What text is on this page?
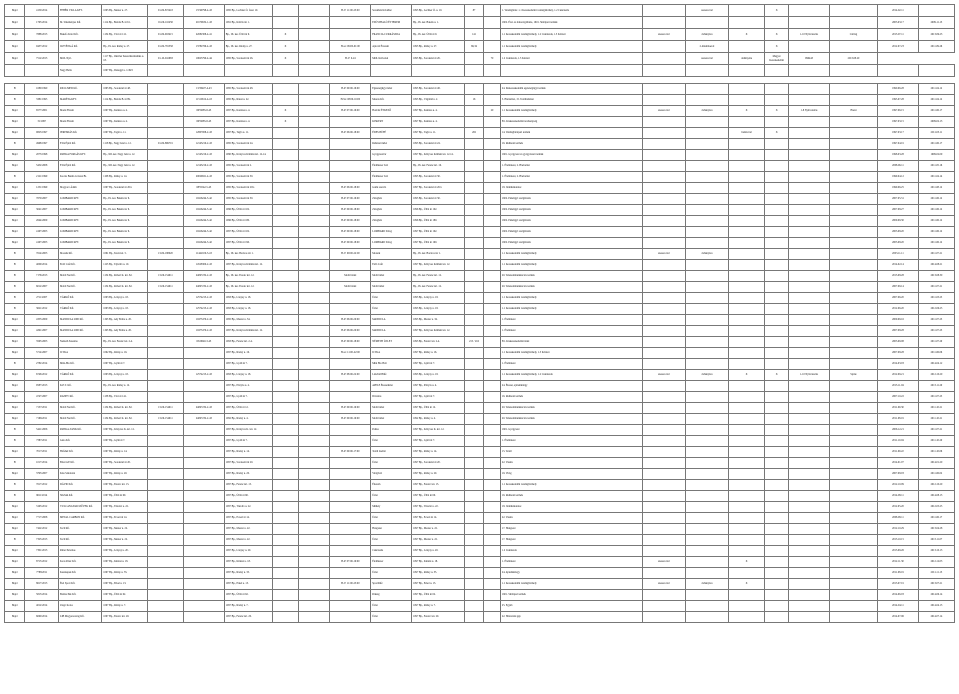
Bejel	4150/2014	FEHÉR VILLA KFT.	1095 Bp., Mester u. 27.	01-09-872418	13749798-4-43	1095 Bp., Lechner Ö. fasor 10.			H-V: 11:00-23:00	Sarokház Kávéház	1095 Bp., Lechner Ö. u. 10.	87		1. Vendéglátás: 1.1 Kereskedelmi vendéglátóhely, 1.2 Cukrászda		szeszes ital		X			2014.02.11	
Bejel	1765/2014	M. Süteményes Kft.	1114 Bp., Bartók B. út 61.	01-09-110458	20179632-1-43	1091 Bp., Kálvin tér 1.				EZÜSTHALÓ ÉTTEREM	Bp., IX. ker. Bakáts u. 1.			1602. Étel- és italszolgáltatás, 1601. Sütőipari termék							2003.03.17	2009.11.13
Bejel	7888/2013	Bekefo Kriol Kft.	1134 Bp., Váci út 112.	01-09-918415	22082308-4-41	Bp., IX. ker. Üllői út 9.	X			FRANCIA CUKRÁSZDA	Bp., IX. ker. Üllői út 9.	141		1.1 Kereskedelmi vendéglátóhely, 1.2 Cukrászda, 1.3 Kávézó	szeszes ital	dohányáru	X	X	1-10 Nyitvatartás	Csillag	2013.07.11	2013.09.23
Bejel	9437/2012	ILEVÉNGÁ Kft.	Bp., IX. ker. Ráday u. 27.	01-09-781358	13782769-4-43	Bp., IX. ker. Ráday u. 27.	X		H-sz: 09:00-01:00	Apicoli Étterem	1093 Bp., Ráday u. 27.	69,34		1.1 Kereskedelmi vendéglátóhely		2 Alkalmazott		X			2012.07.23	2011.09.26
Bejel	7512/2013	MOL Nyrt.	1117 Bp., Október huszonharmadika u. 18.	01-10-041683	10625790-4-44	1095 Bp., Soroksári út 26.	X		H-V: 0-24	MOL Kútvonal	1095 Bp., Soroksári út 26.		70	1.2 Cukrászda, 1.3 Kávézó		szeszes ital	dohányáru	Magyar Kereskedelmi	996443	2013.08.20		
		Nagy Bella	1097 Bp., Dunagyi u. 1/49/5																			

B	1080/1990	RICO-MED Kft.	1095 Bp., Soroksári út 48.		13/30407-4-43	1095 Bp., Soroksári út 48.			H-P: 09:00-16:00	Egészségügyi üzlet	1095 Bp., Soroksári út 48.			24. Kiskereskedelmi egészségügyi termék							1990.06.28	2011.04.12
B	3381/1995	MARÉTA KFT.	1114 Bp., Bartók B. út 89.		11510612-4-43	1095 Bp., Ránai u. 22.			H-Sz: 08:00-16:00	Mareta Kft.	1095 Bp., Vágóhíd u. 2.	16		5. Háztartási, 15. Textilruházat							1995.07.28	2011.04.12
Bejel	6577/2001	Mazsi Fixum	1097 Bp., Kanizsa u. 4.		6655685-8-43	1097 Bp., Kanizsa u. 4.	X		H-P: 07:00-16:00	HAZAI ÉTKEZŐ	1097 Bp., Kanizsa u. 4.		20	1.1 Kereskedelmi vendéglátóhely	szeszes ital	dohányáru	X	X	1-8 Nyitvatartás	Hazai	1997.06.15	2011.06.17
Bejel	31/1997	Mazsi Fixum	1097 Bp., Kanizsa u. 4.		6655685-8-43	1097 Bp., Kanizsa u. 4.	X			KISKERT	1097 Bp., Kanizsa u. 4.			B1. Kiskereskedelmi tevékenység							1997.03.15	2009.02.13
Bejel	9823/1997	JEREMIÁS Kft.	1097 Bp., Tagló u. 11.		12807008-2-43	1097 Bp., Tagló u. 11.			H-P: 06:00-18:00	ÉDES BÜFÉ	1097 Bp., Tagló u. 11.	202		14. Vendéglátóipari termék			hamis ital	X			1997.03.17	2011.03.11
B	4968/1997	EVA Építő Kft.	1118 Bp., Nagy Jenő u. 12.	01-09-869701	12143210-2-43	1095 Bp., Soroksári út 24.				Ruházati üzlet	1095 Bp., Soroksári út 24.			16. Ruházati termék							1997.04.01	2011.06.17
Bejel	2073/1998	PATIKA FORGÁS KFT.	Bp., XII. ker. Nagy Jenő u. 12.		12143210-2-43	1090 Bp., Könyves Kálmán krt. 12-14.				Gyógyszertár	1097 Bp., Könyves Kálmán krt. 12-14.			1601. Gyógyszer és gyógyászati termék							1998.03.28	1999.02.09
Bejel	5452/2008	EVA Építő Kft.	Bp., XII. ker. Nagy Jenő u. 12.		12143210-2-43	1095 Bp., Soroksári út 2.				Élelmiszer bolt	Bp., IX. ker. Ferenc krt. 16.			1. Élelmiszer, 2. Háztartási							2008.06.11	2011.05.16
B	2121/1999	Kocsis Bandi és társai Bt.	1108 Bp., Ráday u. 14.		20029921-4-43	1095 Bp., Soroksári út 30.				Élelmiszer bolt	1095 Bp., Soroksári út 30.			1. Élelmiszer, 2. Háztartási							1999.04.12	2011.04.14
Bejel	1251/1999	Mogyoró Ádám	1097 Bp., Soroksári út 20/a		6855542-5-43	1095 Bp., Soroksári út 20/a			H-P: 06:00-18:00	Gumi szerviz	1097 Bp., Soroksári út 20/a			18. Járműalkatrész							1999.06.25	2011.08.12
Bejel	7670/2007	LOMBARD KFT.	Bp., IX. ker. Bakáts tér 6.		10416244-3-42	1095 Bp., Soroksári út 30.			H-P: 07:00-16:00	Zálogház	1095 Bp., Soroksári út 30.			1602. Pénzügyi szolgáltatás							2007.05.31	2011.06.12
Bejel	3041/2007	LOMBARD KFT.	Bp., IX. ker. Bakáts tér 6.		10416244-3-42	1096 Bp., Üllői út 102.			H-P: 09:00-18:00	Zálogház	1096 Bp., Üllői út 102.			1602. Pénzügyi szolgáltatás							2007.08.27	2011.06.12
Bejel	2644/2009	LOMBARD KFT.	Bp., IX. ker. Bakáts tér 6.		10416244-3-42	1096 Bp., Üllői út 180.			H-P: 09:00-18:00	Zálogház	1096 Bp., Üllői út 180.			1602. Pénzügyi szolgáltatás							2009.09.30	2011.06.12
Bejel	4167/2003	LOMBARD KFT.	Bp., IX. ker. Bakáts tér 6.		10416244-3-42	1097 Bp., Üllői út 102.			H-P: 09:00-18:00	LOMBARD Zálog	1097 Bp., Üllői út 102.			1602. Pénzügyi szolgáltatás							2003.08.20	2011.06.12
Bejel	4167/2003	LOMBARD KFT.	Bp., IX. ker. Bakáts tér 6.		10416244-3-42	1097 Bp., Üllői út 190.			H-P: 09:00-18:00	LOMBARD Zálog	1097 Bp., Üllői út 190.			1602. Pénzügyi szolgáltatás							2003.08.20	2011.06.12
B	7614/2003	Mozaik Kft.	1061 Bp., Teréz krt. 5.	13-09-188020	11442100-3-43	Bp., IX. ker. Boráros tér 1.			H-V: 09:00-22:00	Mozaik	Bp., IX. ker. Boráros tér 1.			1.1 Kereskedelmi vendéglátóhely	szeszes ital	dohányáru					2003.11.11	2011.07.21
B	4009/2014	Erdő Café Kft.	1125 Bp., Tájvédő u. 10.		14528300-2-43	1097 Bp., Könyves Kálmán krt. 12.				Erdő Café	1097 Bp., Könyves Kálmán krt. 12.			1.1 Kereskedelmi vendéglátóhely							2014.02.14	2014.08.21
B	7176/2013	Mobil Net Kft.	1134 Bp., Róbert K. krt. 82.	13-09-154911	24097232-2-43	Bp., IX. ker. Ferenc krt. 12.			Mobil üzlet	Mobil üzlet	Bp., IX. ker. Ferenc krt. 12.			20. Telekommunikációs termék							2013.08.28	2013.08.30
B	6012/2007	Mobil Net Kft.	1134 Bp., Róbert K. krt. 82.	13-09-154911	24097232-2-43	Bp., IX. ker. Ferenc krt. 12.			Mobil üzlet	Mobil üzlet	Bp., IX. ker. Ferenc krt. 12.			20. Telekommunikációs termék							2007.09.14	2011.07.21
B	2711/2007	VÁRKŐ Kft.	1093 Bp., Lónyay u. 18.		12574213-2-43	1093 Bp., Lónyay u. 18.				Üzlet	1093 Bp., Lónyay u. 18.			1.1 Kereskedelmi vendéglátóhely							2007.06.20	2011.03.25
B	3621/2012	VÁRKŐ Kft.	1093 Bp., Lónyay u. 18.		12574213-2-43	1093 Bp., Lónyay u. 18.				Üzlet	1093 Bp., Lónyay u. 18.			1.1 Kereskedelmi vendéglátóhely							2012.06.20	2012.06.25
Bejel	4355/2009	MANDULA 2000 Kft.	1193 Bp., Ady Endre u. 20.		10475470-2-43	1095 Bp., Mester u. 34.			H-P: 06:00-20:00	MANDULA	1095 Bp., Mester u. 34.			1. Élelmiszer							2009.09.16	2011.07.23
Bejel	4291/2007	MANDULA 2000 Kft.	1193 Bp., Ady Endre u. 20.		10475470-2-43	1097 Bp., Könyves Kálmán krt. 12.			H-P: 06:00-20:00	MANDULA	1097 Bp., Könyves Kálmán krt. 12.			1. Élelmiszer							2007.08.28	2011.07.23
Bejel	3565/2003	Nemeth Susanna	Bp., IX. ker. Ferenc krt. 2-4.		6543640-3-43	1093 Bp., Ferenc krt. 2-4.			H-P: 09:00-18:00	NÉMETH ÜZLET	1093 Bp., Ferenc krt. 2-4.	215 / 216		B1. Kiskereskedelmi üzlet							2003.09.08	2011.07.20
Bejel	5714/2007	ICTKA	1092 Bp., Ráday u. 16.			1097 Bp., Ráday u. 16.			H-sz: 11:00-22:00	ICTKA	1097 Bp., Ráday u. 16.			1.1 Kereskedelmi vendéglátóhely, 1.3 Kávézó							2007.08.28	2011.06.06
B	2782/2014	Mini-Bio Kft.	1097 Bp., Gyáli út 7.			1097 Bp., Gyáli út 7.				Mini Bio Bolt	1097 Bp., Gyáli út 7.			1. Élelmiszer							2014.03.03	2014.04.12
Bejel	6746/2012	VÁRKŐ Kft.	1093 Bp., Lónyay u. 18.		12574213-2-43	1093 Bp., Lónyay u. 18.			H-P: 08:00-22:00	Lánchíd Büfé	1093 Bp., Lónyay u. 18.			1.1 Kereskedelmi vendéglátóhely, 1.2 Cukrászda	szeszes ital	dohányáru	X	X	1-10 Nyitvatartás	Sprite	2012.09.21	2012.10.20
Bejel	9587/2013	K.E.T. Kft.	Bp., IX. ker. Ráday u. 12.			1097 Bp., Pöttyös u. 4.				APPLE Ékszerüzlet	1097 Bp., Pöttyös u. 4.			24. Ékszer, ajándéktárgy							2013.11.04	2013.11.20
Bejel	4747/2007	RANEV Kft.	1138 Bp., Váci út 141.			1097 Bp., Gyáli út 7.				Divatáru	1097 Bp., Gyáli út 7.			16. Ruházati termék							2007.10.22	2011.07.25
Bejel	7157/2011	Mobil Net Kft.	1134 Bp., Róbert K. krt. 82.	13-09-154911	24097232-2-43	1097 Bp., Üllői út 12.			H-P: 09:00-19:00	Mobil üzlet	1097 Bp., Üllői út 12.			20. Telekommunikációs termék							2011.09.30	2011.10.21
Bejel	7166/2011	Mobil Net Kft.	1134 Bp., Róbert K. krt. 82.	13-09-154911	24097232-2-43	1092 Bp., Ráday u. 4.			H-P: 09:00-19:00	Mobil üzlet	1092 Bp., Ráday u. 4.			20. Telekommunikációs termék							2011.08.19	2011.10.21
B	5421/2006	PATIKA-TANK Kft.	1097 Bp., Könyves K. krt. 12.			1097 Bp., Könyves K. krt. 12.				Patika	1097 Bp., Könyves K. krt. 12.			1601. Gyógyszer							2006.12.21	2011.07.21
B	7387/2011	Géza Kft.	1097 Bp., Gyáli út 7.			1097 Bp., Gyáli út 7.				Üzlet	1097 Bp., Gyáli út 7.			1. Élelmiszer							2011.10.04	2011.10.20
Bejel	7017/2011	Hófehér Kft.	1097 Bp., Ráday u. 14.			1097 Bp., Ráday u. 14.			H-P: 09:00-17:00	Textil tisztító	1097 Bp., Ráday u. 14.			15. Textil							2011.09.22	2011.10.06
B	1017/2014	BAU-GE Kft.	1097 Bp., Soroksári út 20.			1097 Bp., Soroksári út 20.				Üzlet	1097 Bp., Soroksári út 20.			22. Vasáru							2014.01.07	2014.01.20
Bejel	3793/2007	Kiss Sándorné	1097 Bp., Ráday u. 20.			1097 Bp., Ráday u. 20.				Virágbolt	1097 Bp., Ráday u. 20.			19. Virág							2007.08.03	2011.06.02
B	7617/2012	DÁVID Kft.	1097 Bp., Ferenc krt. 15.			1097 Bp., Ferenc krt. 15.				Étterem	1097 Bp., Ferenc krt. 15.			1.1 Kereskedelmi vendéglátóhely							2012.10.09	2012.10.20
B	9611/2014	SIGMA Kft.	1097 Bp., Üllői út 60.			1097 Bp., Üllői út 60.				Üzlet	1097 Bp., Üllői út 60.			16. Ruházati termék							2014.08.11	2014.08.13
Bejel	3163/2012	VULCANGYAR MŰVEK Kft.	1097 Bp., Tűzoltó u. 22.			1097 Bp., Tűzoltó u. 22.				Műhely	1097 Bp., Tűzoltó u. 22.			18. Járműalkatrész							2012.05.20	2012.05.25
Bejel	7717/2008	METAL CARBON Kft.	1097 Bp., Ecseri út 14.			1097 Bp., Ecseri út 14.				Üzlet	1097 Bp., Ecseri út 14.			22. Vasáru							2008.08.11	2011.06.17
Bejel	7422/2012	Tech Kft.	1097 Bp., Mester u. 22.			1097 Bp., Mester u. 22.				Hangszer	1097 Bp., Mester u. 22.			17. Hangszer							2012.10.29	2013.04.28
B	7325/2013	Tech Kft.	1097 Bp., Mester u. 22.			1097 Bp., Mester u. 22.				Üzlet	1097 Bp., Mester u. 22.			17. Hangszer							2013.10.15	2013.11.07
Bejel	7301/2013	Ritter Palomas	1097 Bp., Lónyay u. 20.			1097 Bp., Lónyay u. 20.				Cukrászda	1097 Bp., Lónyay u. 20.			1.2 Cukrászda							2013.09.26	2013.10.13
Bejel	8715/2012	Koós Péter Kft.	1097 Bp., Kinizsi u. 18.			1097 Bp., Kinizsi u. 18.			H-P: 07:00-19:00	Élelmiszer	1097 Bp., Kinizsi u. 18.			1. Élelmiszer	szeszes ital		X				2012.11.30	2012.12.03
Bejel	7788/2011	Kaszkapek Kft.	1097 Bp., Ráday u. 35.			1097 Bp., Ráday u. 35.				Üzlet	1097 Bp., Ráday u. 35.			24. Ajándéktárgy							2011.08.19	2011.11.13
Bejel	8617/2013	Étel Sport Kft.	1097 Bp., Erkel u. 13.			1097 Bp., Erkel u. 13.			H-V: 11:00-23:00	Sportbüfé	1097 Bp., Erkel u. 13.			1.1 Kereskedelmi vendéglátóhely	szeszes ital	dohányáru	X				2013.07.01	2013.07.21
Bejel	5813/2014	Balázs Pék Kft.	1097 Bp., Üllői út 62.			1097 Bp., Üllői út 62.				Pékség	1097 Bp., Üllői út 62.			1601. Sütőipari termék							2014.06.03	2014.06.14
Bejel	4012/2014	Zsigó Koloo	1097 Bp., Ráday u. 7.			1097 Bp., Ráday u. 7.				Üzlet	1097 Bp., Ráday u. 7.			25. Egyéb							2014.04.11	2014.04.13
Bejel	6060/2014	LIB Magyarország Kft.	1097 Bp., Ferenc krt. 20.			1097 Bp., Ferenc krt. 20.				Üzlet	1097 Bp., Ferenc krt. 20.			22. Háztartási gép							2014.07.06	2014.07.14
